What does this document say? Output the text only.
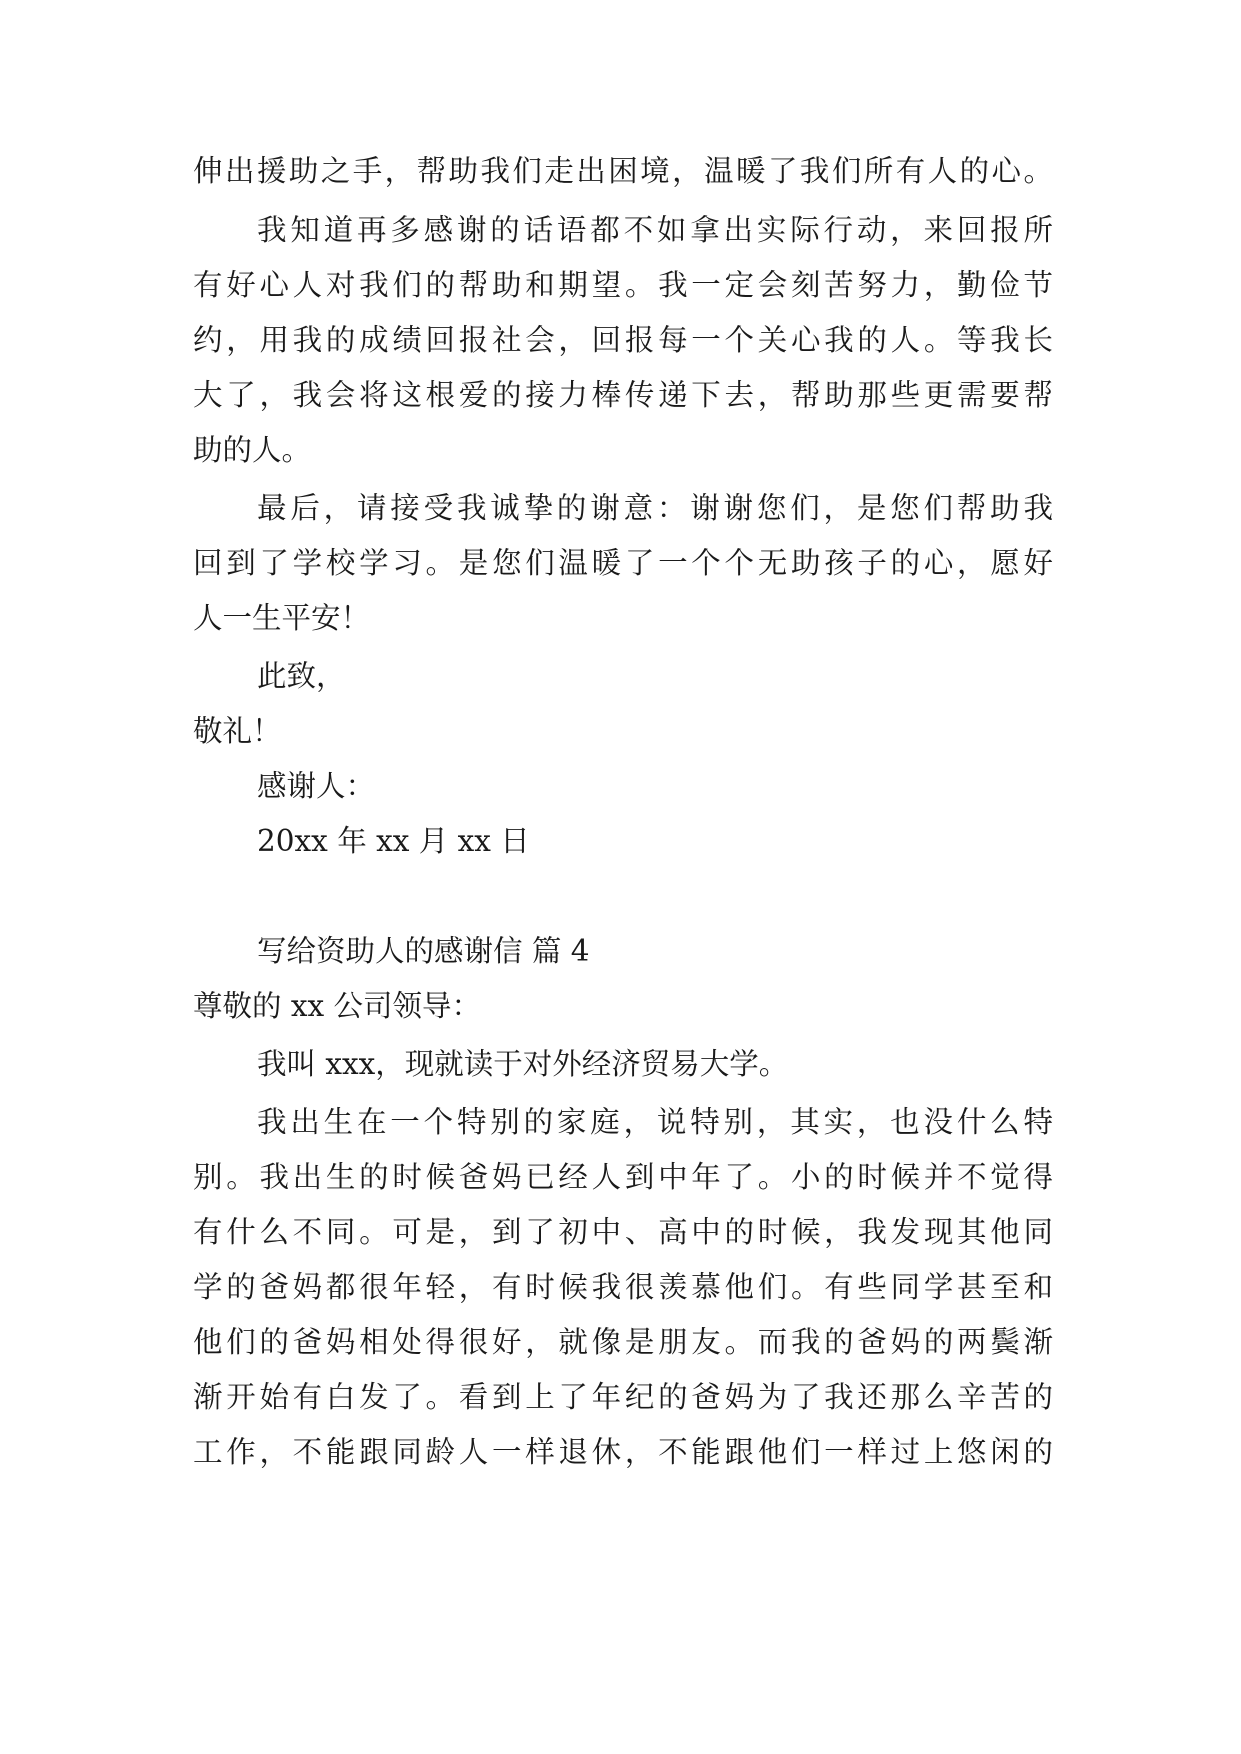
伸出援助之手，帮助我们走出困境，温暖了我们所有人的心。
我知道再多感谢的话语都不如拿出实际行动，来回报所
有好心人对我们的帮助和期望。我一定会刻苦努力，勤俭节
约，用我的成绩回报社会，回报每一个关心我的人。等我长
大了，我会将这根爱的接力棒传递下去，帮助那些更需要帮
助的人。
最后，请接受我诚挚的谢意：谢谢您们，是您们帮助我
回到了学校学习。是您们温暖了一个个无助孩子的心，愿好
人一生平安！
此致，
敬礼！
感谢人：
20xx 年 xx 月 xx 日
写给资助人的感谢信 篇 4
尊敬的 xx 公司领导：
我叫 xxx，现就读于对外经济贸易大学。
我出生在一个特别的家庭，说特别，其实，也没什么特
别。我出生的时候爸妈已经人到中年了。小的时候并不觉得
有什么不同。可是，到了初中、高中的时候，我发现其他同
学的爸妈都很年轻，有时候我很羡慕他们。有些同学甚至和
他们的爸妈相处得很好，就像是朋友。而我的爸妈的两鬓渐
渐开始有白发了。看到上了年纪的爸妈为了我还那么辛苦的
工作，不能跟同龄人一样退休，不能跟他们一样过上悠闲的
